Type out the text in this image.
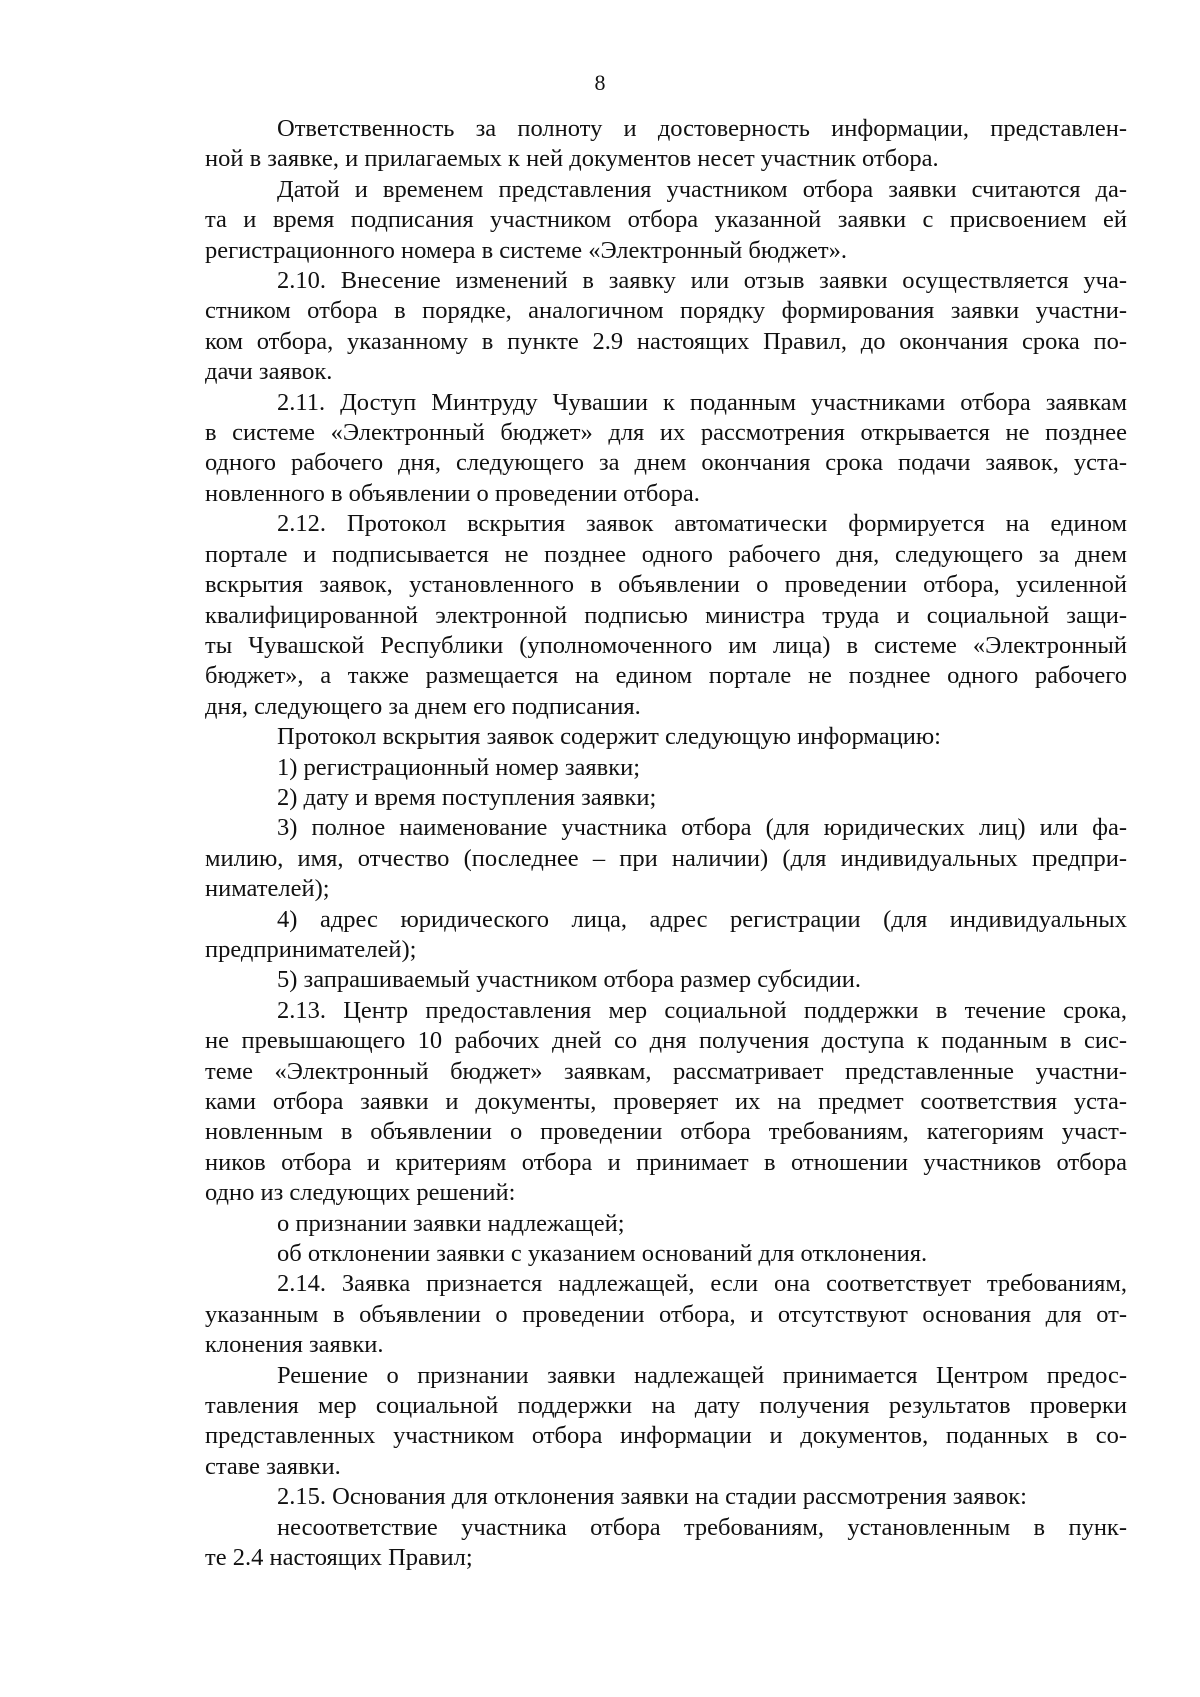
8
Ответственность за полноту и достоверность информации, представлен-
ной в заявке, и прилагаемых к ней документов несет участник отбора.
Датой и временем представления участником отбора заявки считаются да-
та и время подписания участником отбора указанной заявки с присвоением ей
регистрационного номера в системе «Электронный бюджет».
2.10. Внесение изменений в заявку или отзыв заявки осуществляется уча-
стником отбора в порядке, аналогичном порядку формирования заявки участни-
ком отбора, указанному в пункте 2.9 настоящих Правил, до окончания срока по-
дачи заявок.
2.11. Доступ Минтруду Чувашии к поданным участниками отбора заявкам
в системе «Электронный бюджет» для их рассмотрения открывается не позднее
одного рабочего дня, следующего за днем окончания срока подачи заявок, уста-
новленного в объявлении о проведении отбора.
2.12. Протокол вскрытия заявок автоматически формируется на едином
портале и подписывается не позднее одного рабочего дня, следующего за днем
вскрытия заявок, установленного в объявлении о проведении отбора, усиленной
квалифицированной электронной подписью министра труда и социальной защи-
ты Чувашской Республики (уполномоченного им лица) в системе «Электронный
бюджет», а также размещается на едином портале не позднее одного рабочего
дня, следующего за днем его подписания.
Протокол вскрытия заявок содержит следующую информацию:
1) регистрационный номер заявки;
2) дату и время поступления заявки;
3) полное наименование участника отбора (для юридических лиц) или фа-
милию, имя, отчество (последнее – при наличии) (для индивидуальных предпри-
нимателей);
4) адрес юридического лица, адрес регистрации (для индивидуальных
предпринимателей);
5) запрашиваемый участником отбора размер субсидии.
2.13. Центр предоставления мер социальной поддержки в течение срока,
не превышающего 10 рабочих дней со дня получения доступа к поданным в сис-
теме «Электронный бюджет» заявкам, рассматривает представленные участни-
ками отбора заявки и документы, проверяет их на предмет соответствия уста-
новленным в объявлении о проведении отбора требованиям, категориям участ-
ников отбора и критериям отбора и принимает в отношении участников отбора
одно из следующих решений:
о признании заявки надлежащей;
об отклонении заявки с указанием оснований для отклонения.
2.14. Заявка признается надлежащей, если она соответствует требованиям,
указанным в объявлении о проведении отбора, и отсутствуют основания для от-
клонения заявки.
Решение о признании заявки надлежащей принимается Центром предос-
тавления мер социальной поддержки на дату получения результатов проверки
представленных участником отбора информации и документов, поданных в со-
ставе заявки.
2.15. Основания для отклонения заявки на стадии рассмотрения заявок:
несоответствие участника отбора требованиям, установленным в пунк-
те 2.4 настоящих Правил;
